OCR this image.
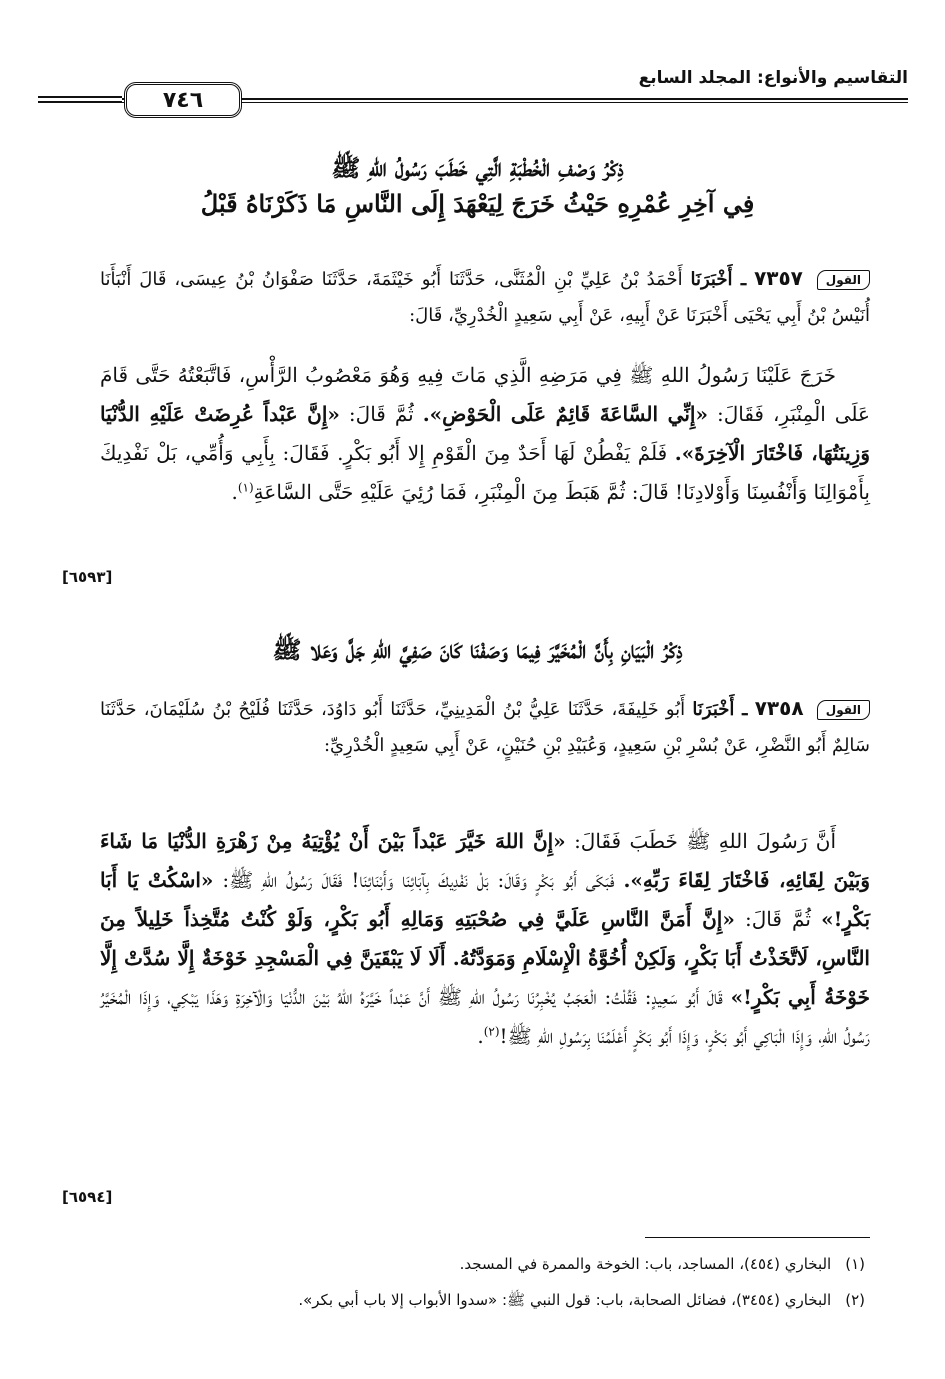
٧٤٦
التقاسيم والأنواع: المجلد السابع
ذِكْرُ وَصْفِ الْخُطْبَةِ الَّتِي خَطَبَ رَسُولُ اللهِ ﷺ
فِي آخِرِ عُمْرِهِ حَيْثُ خَرَجَ لِيَعْهَدَ إِلَى النَّاسِ مَا ذَكَرْنَاهُ قَبْلُ
القول ٧٣٥٧ ـ أَخْبَرَنَا أَحْمَدُ بْنُ عَلِيِّ بْنِ الْمُثَنَّى، حَدَّثَنَا أَبُو خَيْثَمَةَ، حَدَّثَنَا صَفْوَانُ بْنُ عِيسَى، قَالَ أَنْبَأَنَا أُنَيْسُ بْنُ أَبِي يَحْيَى أَخْبَرَنَا عَنْ أَبِيهِ، عَنْ أَبِي سَعِيدٍ الْخُدْرِيِّ، قَالَ:
خَرَجَ عَلَيْنَا رَسُولُ اللهِ ﷺ فِي مَرَضِهِ الَّذِي مَاتَ فِيهِ وَهُوَ مَعْصُوبُ الرَّأْسِ، فَاتَّبَعْتُهُ حَتَّى قَامَ عَلَى الْمِنْبَرِ، فَقَالَ: «إِنِّي السَّاعَةَ قَائِمٌ عَلَى الْحَوْضِ». ثُمَّ قَالَ: «إِنَّ عَبْداً عُرِضَتْ عَلَيْهِ الدُّنْيَا وَزِينَتُهَا، فَاخْتَارَ الْآخِرَةَ». فَلَمْ يَفْطُنْ لَهَا أَحَدٌ مِنَ الْقَوْمِ إِلا أَبُو بَكْرٍ. فَقَالَ: بِأَبِي وَأُمِّي، بَلْ نَفْدِيكَ بِأَمْوَالِنَا وَأَنْفُسِنَا وَأَوْلادِنَا! قَالَ: ثُمَّ هَبَطَ مِنَ الْمِنْبَرِ، فَمَا رُئِيَ عَلَيْهِ حَتَّى السَّاعَةِ$^{(١)}$.
[٦٥٩٣]
ذِكْرُ الْبَيَانِ بِأَنَّ الْمُخَيَّرَ فِيمَا وَصَفْنَا كَانَ صَفِيَّ اللهِ جَلَّ وَعَلا ﷺ
القول ٧٣٥٨ ـ أَخْبَرَنَا أَبُو خَلِيفَةَ، حَدَّثَنَا عَلِيُّ بْنُ الْمَدِينِيِّ، حَدَّثَنَا أَبُو دَاوُدَ، حَدَّثَنَا فُلَيْحُ بْنُ سُلَيْمَانَ، حَدَّثَنَا سَالِمٌ أَبُو النَّضْرِ، عَنْ بُسْرِ بْنِ سَعِيدٍ، وَعُبَيْدِ بْنِ حُنَيْنٍ، عَنْ أَبِي سَعِيدٍ الْخُدْرِيِّ:
أَنَّ رَسُولَ اللهِ ﷺ خَطَبَ فَقَالَ: «إِنَّ اللهَ خَيَّرَ عَبْداً بَيْنَ أَنْ يُؤْتِيَهُ مِنْ زَهْرَةِ الدُّنْيَا مَا شَاءَ وَبَيْنَ لِقَائِهِ، فَاخْتَارَ لِقَاءَ رَبِّهِ». فَبَكَى أَبُو بَكْرٍ وَقَالَ: بَلْ نَفْدِيكَ بِآبَائِنَا وَأَبْنَائِنَا! فَقَالَ رَسُولُ اللهِ ﷺ: «اسْكُتْ يَا أَبَا بَكْرٍ!» ثُمَّ قَالَ: «إِنَّ أَمَنَّ النَّاسِ عَلَيَّ فِي صُحْبَتِهِ وَمَالِهِ أَبُو بَكْرٍ، وَلَوْ كُنْتُ مُتَّخِذاً خَلِيلاً مِنَ النَّاسِ، لَاتَّخَذْتُ أَبَا بَكْرٍ، وَلَكِنْ أُخُوَّةُ الْإِسْلَامِ وَمَوَدَّتُهُ. أَلَا لَا يَبْقَيَنَّ فِي الْمَسْجِدِ خَوْخَةٌ إِلَّا سُدَّتْ إِلَّا خَوْخَةُ أَبِي بَكْرٍ!» قَالَ أَبُو سَعِيدٍ: فَقُلْتُ: الْعَجَبُ يُخْبِرُنَا رَسُولُ اللهِ ﷺ أَنَّ عَبْداً خَيَّرَهُ اللهُ بَيْنَ الدُّنْيَا وَالْآخِرَةِ وَهَذَا يَبْكِي، وَإِذَا الْمُخَيَّرُ رَسُولُ اللهِ، وَإِذَا الْبَاكِي أَبُو بَكْرٍ، وَإِذَا أَبُو بَكْرٍ أَعْلَمُنَا بِرَسُولِ اللهِ ﷺ!$^{(٢)}$.
[٦٥٩٤]
(١)البخاري (٤٥٤)، المساجد، باب: الخوخة والممرة في المسجد.
(٢)البخاري (٣٤٥٤)، فضائل الصحابة، باب: قول النبي ﷺ: «سدوا الأبواب إلا باب أبي بكر».
